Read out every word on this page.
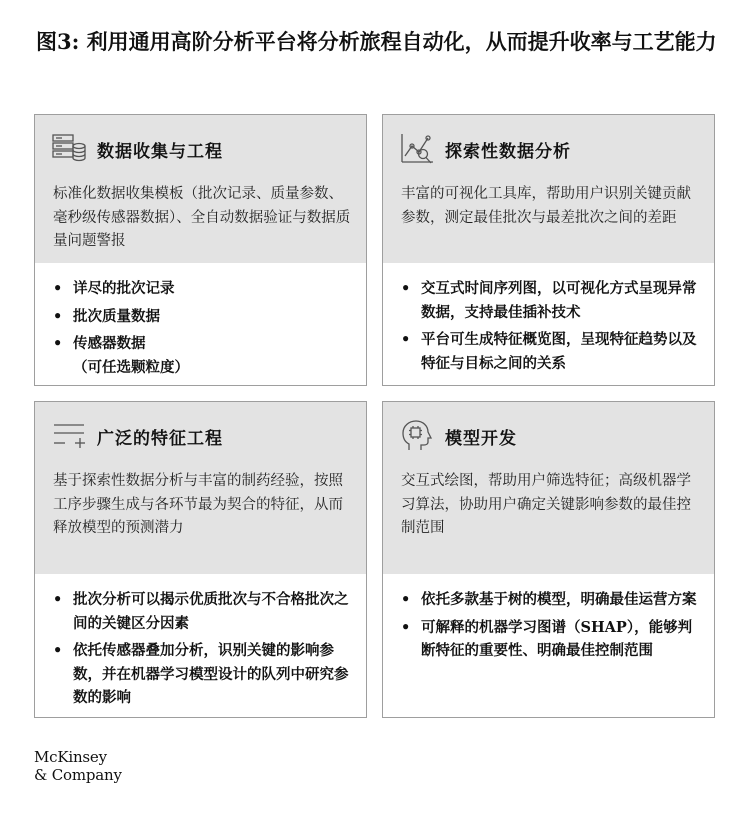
图3: 利用通用高阶分析平台将分析旅程自动化，从而提升收率与工艺能力
数据收集与工程
标准化数据收集模板（批次记录、质量参数、毫秒级传感器数据）、全自动数据验证与数据质量问题警报
• 详尽的批次记录
• 批次质量数据
• 传感器数据
（可任选颗粒度）
探索性数据分析
丰富的可视化工具库，帮助用户识别关键贡献参数，测定最佳批次与最差批次之间的差距
• 交互式时间序列图，以可视化方式呈现异常数据，支持最佳插补技术
• 平台可生成特征概览图，呈现特征趋势以及特征与目标之间的关系
广泛的特征工程
基于探索性数据分析与丰富的制药经验，按照工序步骤生成与各环节最为契合的特征，从而释放模型的预测潜力
• 批次分析可以揭示优质批次与不合格批次之间的关键区分因素
• 依托传感器叠加分析，识别关键的影响参数，并在机器学习模型设计的队列中研究参数的影响
模型开发
交互式绘图，帮助用户筛选特征；高级机器学习算法，协助用户确定关键影响参数的最佳控制范围
• 依托多款基于树的模型，明确最佳运营方案
• 可解释的机器学习图谱（SHAP），能够判断特征的重要性、明确最佳控制范围
McKinsey
& Company
